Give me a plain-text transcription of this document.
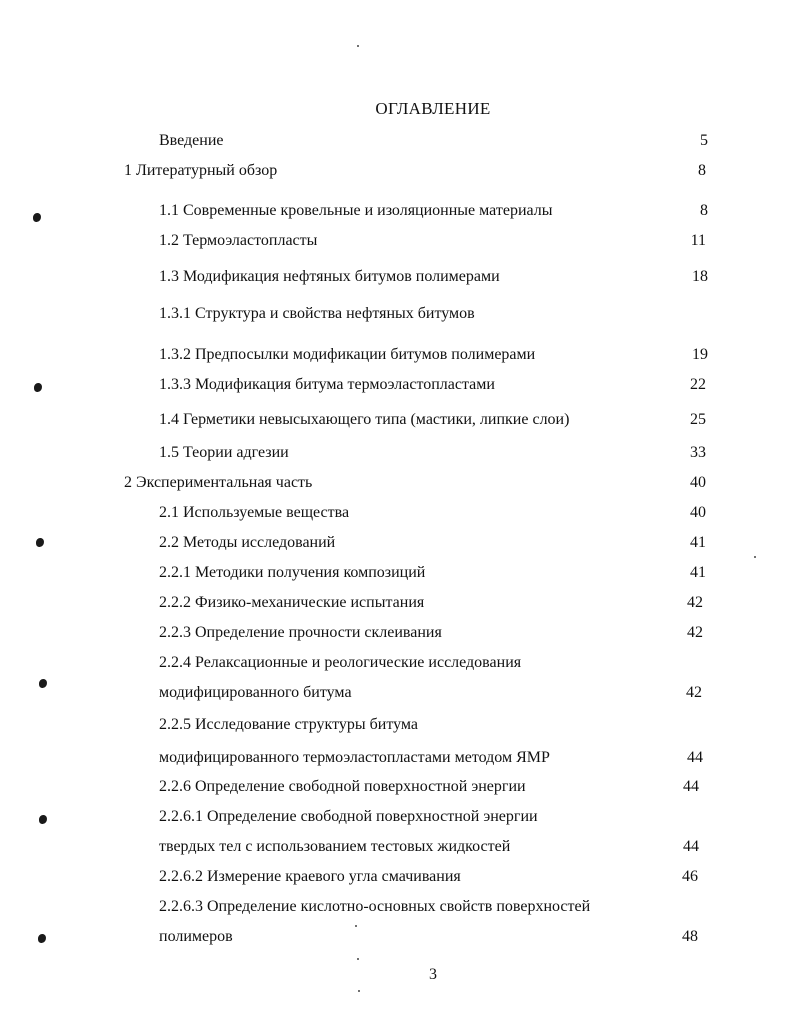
ОГЛАВЛЕНИЕ
Введение	5
1 Литературный обзор	8
1.1 Современные кровельные и изоляционные материалы	8
1.2 Термоэластопласты	11
1.3 Модификация нефтяных битумов полимерами	18
1.3.1 Структура и свойства нефтяных битумов
1.3.2 Предпосылки модификации битумов полимерами	19
1.3.3 Модификация битума термоэластопластами	22
1.4 Герметики невысыхающего типа (мастики, липкие слои)	25
1.5 Теории адгезии	33
2 Экспериментальная часть	40
2.1 Используемые вещества	40
2.2 Методы исследований	41
2.2.1 Методики получения композиций	41
2.2.2 Физико-механические испытания	42
2.2.3 Определение прочности склеивания	42
2.2.4 Релаксационные и реологические исследования
модифицированного битума	42
2.2.5 Исследование структуры битума
модифицированного термоэластопластами методом ЯМР	44
2.2.6 Определение свободной поверхностной энергии	44
2.2.6.1 Определение свободной поверхностной энергии
твердых тел с использованием тестовых жидкостей	44
2.2.6.2 Измерение краевого угла смачивания	46
2.2.6.3 Определение кислотно-основных свойств поверхностей
полимеров	48
3
